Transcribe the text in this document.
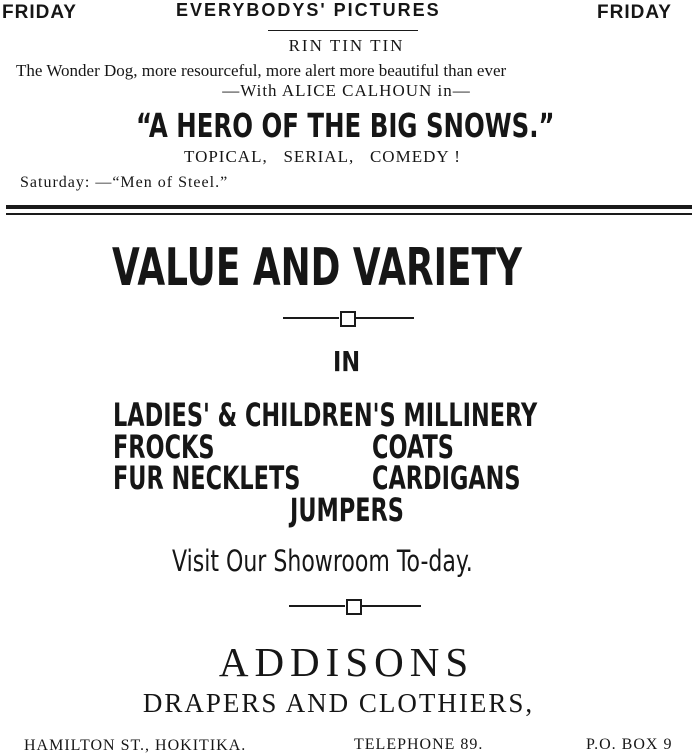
FRIDAY	EVERYBODYS' PICTURES	FRIDAY
RIN TIN TIN
The Wonder Dog, more resourceful, more alert more beautiful than ever
—With ALICE CALHOUN in—
“A HERO OF THE BIG SNOWS.”
TOPICAL,   SERIAL,   COMEDY !
Saturday: —“Men of Steel.”
VALUE AND VARIETY
IN
LADIES' & CHILDREN'S MILLINERY
FROCKS	COATS
FUR NECKLETS CARDIGANS
JUMPERS
Visit Our Showroom To-day.
ADDISONS
DRAPERS AND CLOTHIERS,
HAMILTON ST., HOKITIKA.	TELEPHONE 89.	P.O. BOX 9
